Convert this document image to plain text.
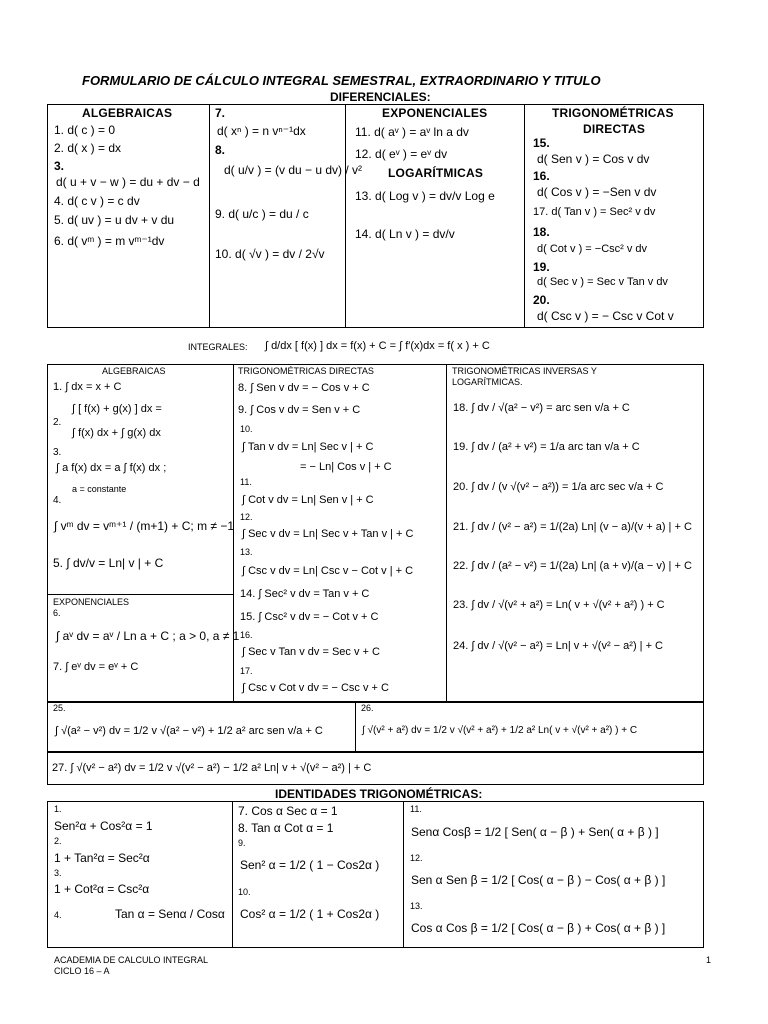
FORMULARIO DE CÁLCULO INTEGRAL SEMESTRAL, EXTRAORDINARIO Y TITULO
DIFERENCIALES:
ALGEBRAICAS
1. d( c ) = 0
2. d( x ) = dx
3.
d( u + v − w ) = du + dv − d
4. d( c v ) = c dv
5. d( uv ) = u dv + v du
6. d( vᵐ ) = m vᵐ⁻¹dv
7.
d( xⁿ ) = n vⁿ⁻¹dx
8.
d( u/v ) = (v du − u dv) / v²
9. d( u/c ) = du / c
10. d( √v ) = dv / 2√v
EXPONENCIALES
11. d( aᵛ ) = aᵛ ln a dv
12. d( eᵛ ) = eᵛ dv
LOGARÍTMICAS
13. d( Log v ) = dv/v Log e
14. d( Ln v ) = dv/v
TRIGONOMÉTRICAS
DIRECTAS
15.
d( Sen v ) = Cos v dv
16.
d( Cos v ) = −Sen v dv
17. d( Tan v ) = Sec² v dv
18.
d( Cot v ) = −Csc² v dv
19.
d( Sec v ) = Sec v Tan v dv
20.
d( Csc v ) = − Csc v Cot v
INTEGRALES: ∫ d/dx [ f(x) ] dx = f(x) + C = ∫ f′(x)dx = f( x ) + C
ALGEBRAICAS
1. ∫ dx = x + C
∫ [ f(x) + g(x) ] dx =
2.
∫ f(x) dx + ∫ g(x) dx
3.
∫ a f(x) dx = a ∫ f(x) dx ;
a = constante
4.
∫ vᵐ dv = vᵐ⁺¹ / (m+1) + C; m ≠ −1
5. ∫ dv/v = Ln| v | + C
EXPONENCIALES
6.
∫ aᵛ dv = aᵛ / Ln a + C ; a > 0, a ≠ 1
7. ∫ eᵛ dv = eᵛ + C
TRIGONOMÉTRICAS DIRECTAS
8. ∫ Sen v dv = − Cos v + C
9. ∫ Cos v dv = Sen v + C
10.
∫ Tan v dv = Ln| Sec v | + C
= − Ln| Cos v | + C
11.
∫ Cot v dv = Ln| Sen v | + C
12.
∫ Sec v dv = Ln| Sec v + Tan v | + C
13.
∫ Csc v dv = Ln| Csc v − Cot v | + C
14. ∫ Sec² v dv = Tan v + C
15. ∫ Csc² v dv = − Cot v + C
16.
∫ Sec v Tan v dv = Sec v + C
17.
∫ Csc v Cot v dv = − Csc v + C
TRIGONOMÉTRICAS INVERSAS Y
LOGARÍTMICAS.
18. ∫ dv / √(a² − v²) = arc sen v/a + C
19. ∫ dv / (a² + v²) = 1/a arc tan v/a + C
20. ∫ dv / (v √(v² − a²)) = 1/a arc sec v/a + C
21. ∫ dv / (v² − a²) = 1/(2a) Ln| (v − a)/(v + a) | + C
22. ∫ dv / (a² − v²) = 1/(2a) Ln| (a + v)/(a − v) | + C
23. ∫ dv / √(v² + a²) = Ln( v + √(v² + a²) ) + C
24. ∫ dv / √(v² − a²) = Ln| v + √(v² − a²) | + C
25.
∫ √(a² − v²) dv = 1/2 v √(a² − v²) + 1/2 a² arc sen v/a + C
26.
∫ √(v² + a²) dv = 1/2 v √(v² + a²) + 1/2 a² Ln( v + √(v² + a²) ) + C
27. ∫ √(v² − a²) dv = 1/2 v √(v² − a²) − 1/2 a² Ln| v + √(v² − a²) | + C
IDENTIDADES TRIGONOMÉTRICAS:
1.
Sen²α + Cos²α = 1
2.
1 + Tan²α = Sec²α
3.
1 + Cot²α = Csc²α
4.	Tan α = Senα / Cosα
7. Cos α Sec α = 1
8. Tan α Cot α = 1
9.
Sen² α = 1/2 ( 1 − Cos2α )
10.
Cos² α = 1/2 ( 1 + Cos2α )
11.
Senα Cosβ = 1/2 [ Sen( α − β ) + Sen( α + β ) ]
12.
Sen α Sen β = 1/2 [ Cos( α − β ) − Cos( α + β ) ]
13.
Cos α Cos β = 1/2 [ Cos( α − β ) + Cos( α + β ) ]
ACADEMIA DE CALCULO INTEGRAL
CICLO 16 – A
1
